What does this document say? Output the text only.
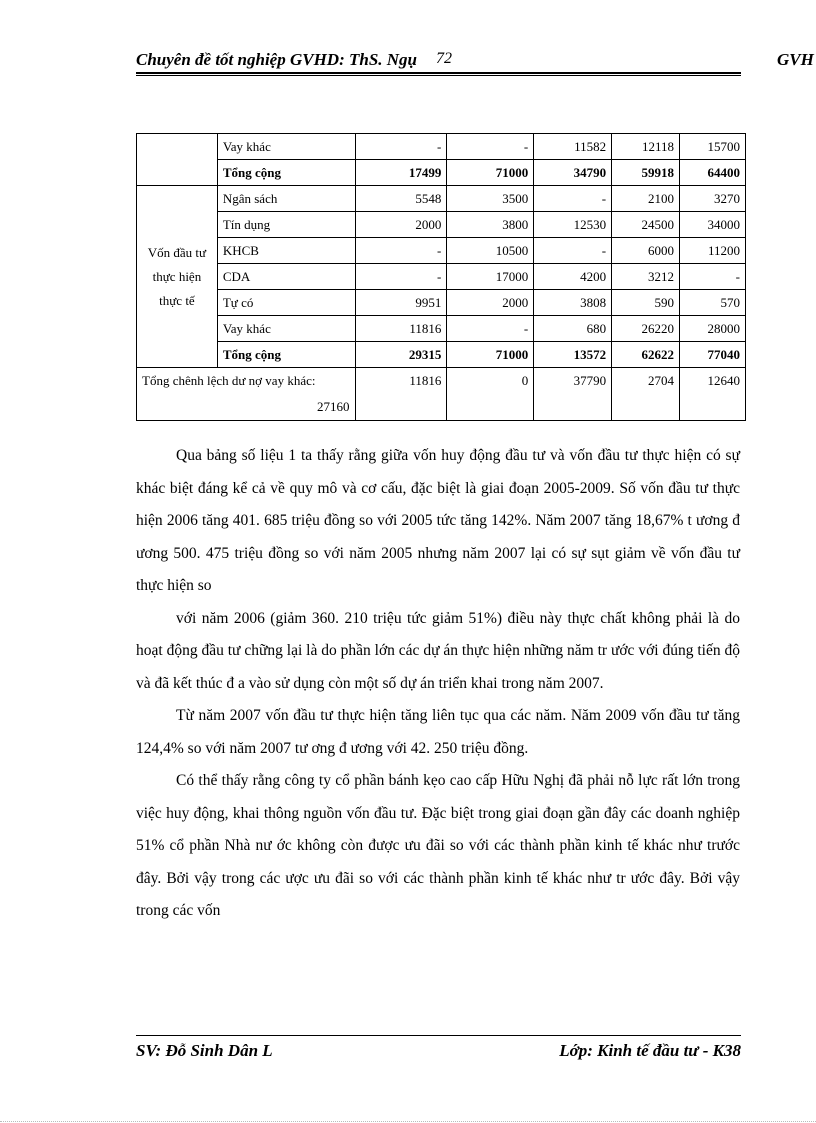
Chuyên đề tốt nghiệp GVHD: ThS. Ngụ 72	GVH
	Vay khác	-	-	11582	12118	15700
	Tổng cộng	17499	71000	34790	59918	64400
Vốn đầu tư thực hiện thực tế	Ngân sách	5548	3500	-	2100	3270
	Tín dụng	2000	3800	12530	24500	34000
	KHCB	-	10500	-	6000	11200
	CDA	-	17000	4200	3212	-
	Tự có	9951	2000	3808	590	570
	Vay khác	11816	-	680	26220	28000
	Tổng cộng	29315	71000	13572	62622	77040

Tổng chênh lệch dư nợ vay khác:
27160		11816	0	37790	2704	12640

Qua bảng số liệu 1 ta thấy rằng giữa vốn huy động đầu tư và vốn đầu tư thực hiện có sự khác biệt đáng kể cả về quy mô và cơ cấu, đặc biệt là giai đoạn 2005-2009. Số vốn đầu tư thực hiện 2006 tăng 401. 685 triệu đồng so với 2005 tức tăng 142%. Năm 2007 tăng 18,67% t ương đ ương 500. 475 triệu đồng so với năm 2005 nhưng năm 2007 lại có sự sụt giảm về vốn đầu tư thực hiện so

với năm 2006 (giảm 360. 210 triệu tức giảm 51%) điều này thực chất không phải là do hoạt động đầu tư chững lại là do phần lớn các dự án thực hiện những năm tr ước với đúng tiến độ và đã kết thúc đ a vào sử dụng còn một số dự án triển khai trong năm 2007.

Từ năm 2007 vốn đầu tư thực hiện tăng liên tục qua các năm. Năm 2009 vốn đầu tư tăng 124,4% so với năm 2007 tư ơng đ ương với 42. 250 triệu đồng.

Có thể thấy rằng công ty cổ phần bánh kẹo cao cấp Hữu Nghị đã phải nỗ lực rất lớn trong việc huy động, khai thông nguồn vốn đầu tư. Đặc biệt trong giai đoạn gần đây các doanh nghiệp 51% cổ phần Nhà nư ớc không còn được ưu đãi so với các thành phần kinh tế khác như trước đây. Bởi vậy trong các ược ưu đãi so với các thành phần kinh tế khác như tr ước đây. Bởi vậy trong các vốn

SV: Đỗ Sinh Dân L	Lớp: Kinh tế đầu tư - K38
